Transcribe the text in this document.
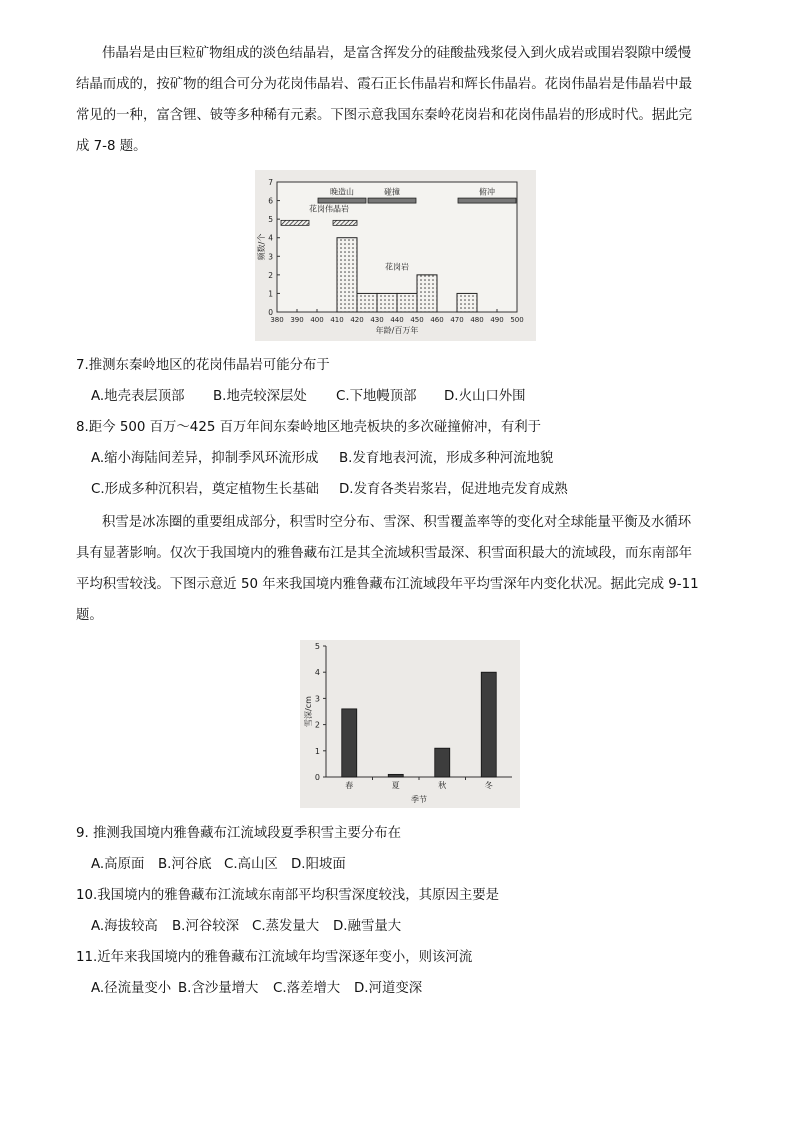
伟晶岩是由巨粒矿物组成的淡色结晶岩，是富含挥发分的硅酸盐残浆侵入到火成岩或围岩裂隙中缓慢
结晶而成的，按矿物的组合可分为花岗伟晶岩、霞石正长伟晶岩和辉长伟晶岩。花岗伟晶岩是伟晶岩中最
常见的一种，富含锂、铍等多种稀有元素。下图示意我国东秦岭花岗岩和花岗伟晶岩的形成时代。据此完
成 7-8 题。
0
1
2
3
4
5
6
7
380 390 400 410 420 430 440 450 460 470 480 490 500
晚造山	碰撞	俯冲
花岗伟晶岩
花岗岩
年龄/百万年
频数/个
7.推测东秦岭地区的花岗伟晶岩可能分布于
A.地壳表层顶部 B.地壳较深层处 C.下地幔顶部 D.火山口外围
8.距今 500 百万～425 百万年间东秦岭地区地壳板块的多次碰撞俯冲，有利于
A.缩小海陆间差异，抑制季风环流形成 B.发育地表河流，形成多种河流地貌
C.形成多种沉积岩，奠定植物生长基础 D.发育各类岩浆岩，促进地壳发育成熟
积雪是冰冻圈的重要组成部分，积雪时空分布、雪深、积雪覆盖率等的变化对全球能量平衡及水循环
具有显著影响。仅次于我国境内的雅鲁藏布江是其全流域积雪最深、积雪面积最大的流域段，而东南部年
平均积雪较浅。下图示意近 50 年来我国境内雅鲁藏布江流域段年平均雪深年内变化状况。据此完成 9-11
题。
0
1
2
3
4
5
春	夏	秋	冬
季节
雪深/cm
9. 推测我国境内雅鲁藏布江流域段夏季积雪主要分布在
A.高原面 B.河谷底 C.高山区 D.阳坡面
10.我国境内的雅鲁藏布江流域东南部平均积雪深度较浅，其原因主要是
A.海拔较高 B.河谷较深 C.蒸发量大 D.融雪量大
11.近年来我国境内的雅鲁藏布江流域年均雪深逐年变小，则该河流
A.径流量变小 B.含沙量增大 C.落差增大 D.河道变深
